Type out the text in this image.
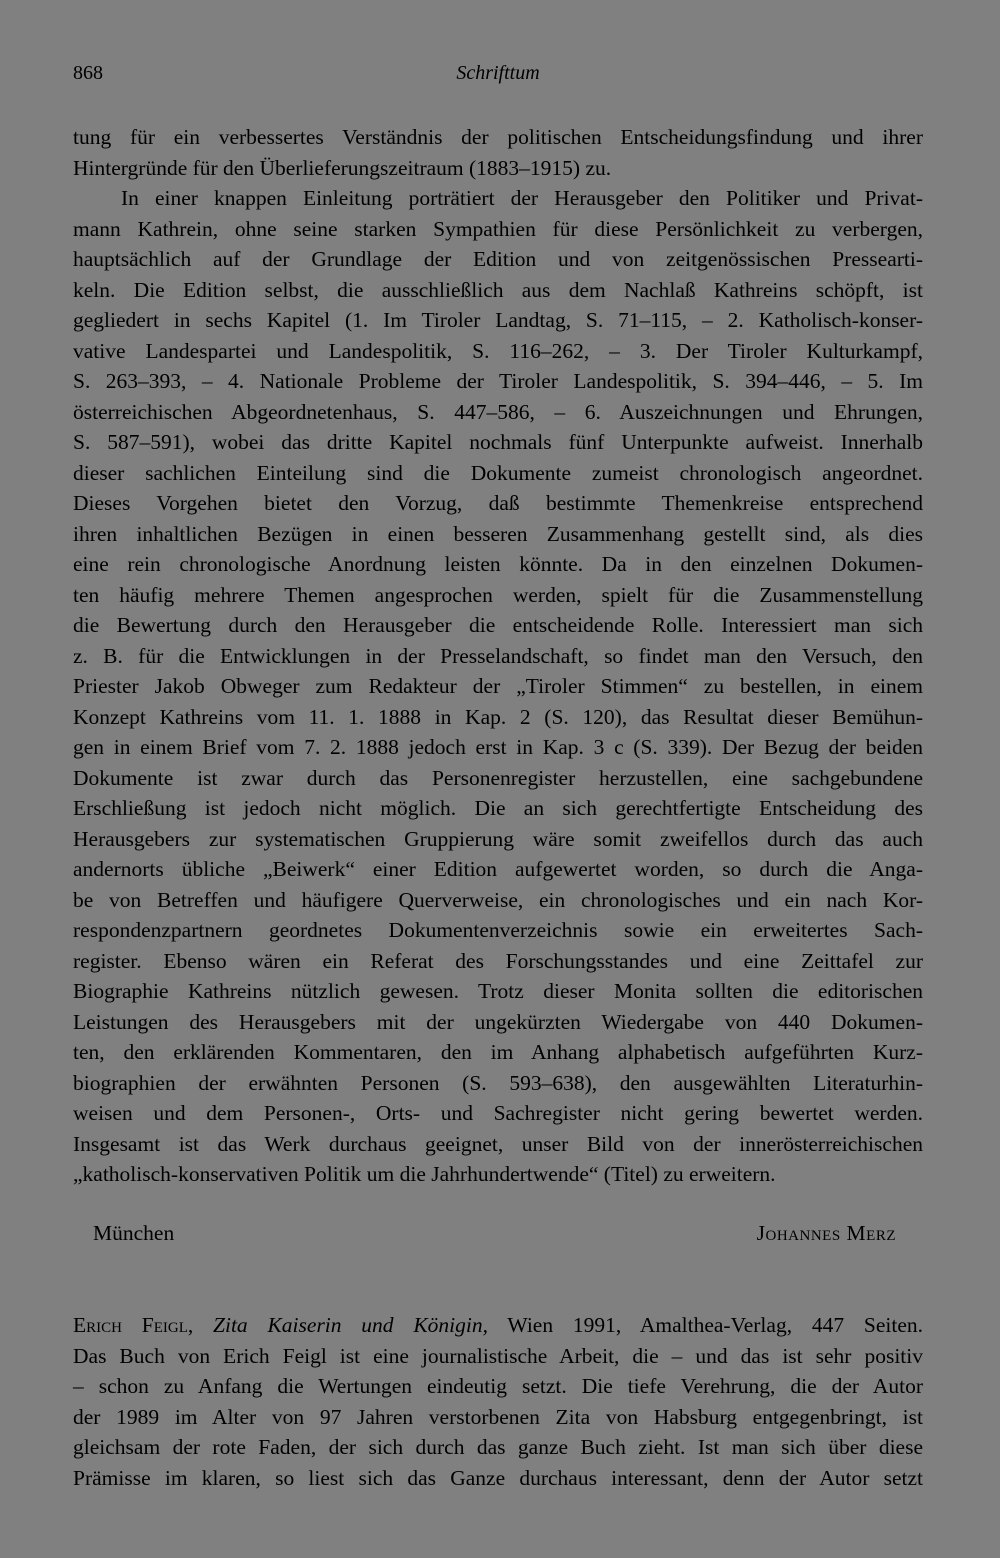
868	Schrifttum

tung für ein verbessertes Verständnis der politischen Entscheidungsfindung und ihrer

Hintergründe für den Überlieferungszeitraum (1883–1915) zu.

In einer knappen Einleitung porträtiert der Herausgeber den Politiker und Privat-

mann Kathrein, ohne seine starken Sympathien für diese Persönlichkeit zu verbergen,

hauptsächlich auf der Grundlage der Edition und von zeitgenössischen Pressearti-

keln. Die Edition selbst, die ausschließlich aus dem Nachlaß Kathreins schöpft, ist

gegliedert in sechs Kapitel (1. Im Tiroler Landtag, S. 71–115, – 2. Katholisch-konser-

vative Landespartei und Landespolitik, S. 116–262, – 3. Der Tiroler Kulturkampf,

S. 263–393, – 4. Nationale Probleme der Tiroler Landespolitik, S. 394–446, – 5. Im

österreichischen Abgeordnetenhaus, S. 447–586, – 6. Auszeichnungen und Ehrungen,

S. 587–591), wobei das dritte Kapitel nochmals fünf Unterpunkte aufweist. Innerhalb

dieser sachlichen Einteilung sind die Dokumente zumeist chronologisch angeordnet.

Dieses Vorgehen bietet den Vorzug, daß bestimmte Themenkreise entsprechend

ihren inhaltlichen Bezügen in einen besseren Zusammenhang gestellt sind, als dies

eine rein chronologische Anordnung leisten könnte. Da in den einzelnen Dokumen-

ten häufig mehrere Themen angesprochen werden, spielt für die Zusammenstellung

die Bewertung durch den Herausgeber die entscheidende Rolle. Interessiert man sich

z. B. für die Entwicklungen in der Presselandschaft, so findet man den Versuch, den

Priester Jakob Obweger zum Redakteur der „Tiroler Stimmen“ zu bestellen, in einem

Konzept Kathreins vom 11. 1. 1888 in Kap. 2 (S. 120), das Resultat dieser Bemühun-

gen in einem Brief vom 7. 2. 1888 jedoch erst in Kap. 3 c (S. 339). Der Bezug der beiden

Dokumente ist zwar durch das Personenregister herzustellen, eine sachgebundene

Erschließung ist jedoch nicht möglich. Die an sich gerechtfertigte Entscheidung des

Herausgebers zur systematischen Gruppierung wäre somit zweifellos durch das auch

andernorts übliche „Beiwerk“ einer Edition aufgewertet worden, so durch die Anga-

be von Betreffen und häufigere Querverweise, ein chronologisches und ein nach Kor-

respondenzpartnern geordnetes Dokumentenverzeichnis sowie ein erweitertes Sach-

register. Ebenso wären ein Referat des Forschungsstandes und eine Zeittafel zur

Biographie Kathreins nützlich gewesen. Trotz dieser Monita sollten die editorischen

Leistungen des Herausgebers mit der ungekürzten Wiedergabe von 440 Dokumen-

ten, den erklärenden Kommentaren, den im Anhang alphabetisch aufgeführten Kurz-

biographien der erwähnten Personen (S. 593–638), den ausgewählten Literaturhin-

weisen und dem Personen-, Orts- und Sachregister nicht gering bewertet werden.

Insgesamt ist das Werk durchaus geeignet, unser Bild von der innerösterreichischen

„katholisch-konservativen Politik um die Jahrhundertwende“ (Titel) zu erweitern.

München	Johannes Merz

Erich Feigl, Zita Kaiserin und Königin, Wien 1991, Amalthea-Verlag, 447 Seiten.

Das Buch von Erich Feigl ist eine journalistische Arbeit, die – und das ist sehr positiv

– schon zu Anfang die Wertungen eindeutig setzt. Die tiefe Verehrung, die der Autor

der 1989 im Alter von 97 Jahren verstorbenen Zita von Habsburg entgegenbringt, ist

gleichsam der rote Faden, der sich durch das ganze Buch zieht. Ist man sich über diese

Prämisse im klaren, so liest sich das Ganze durchaus interessant, denn der Autor setzt
